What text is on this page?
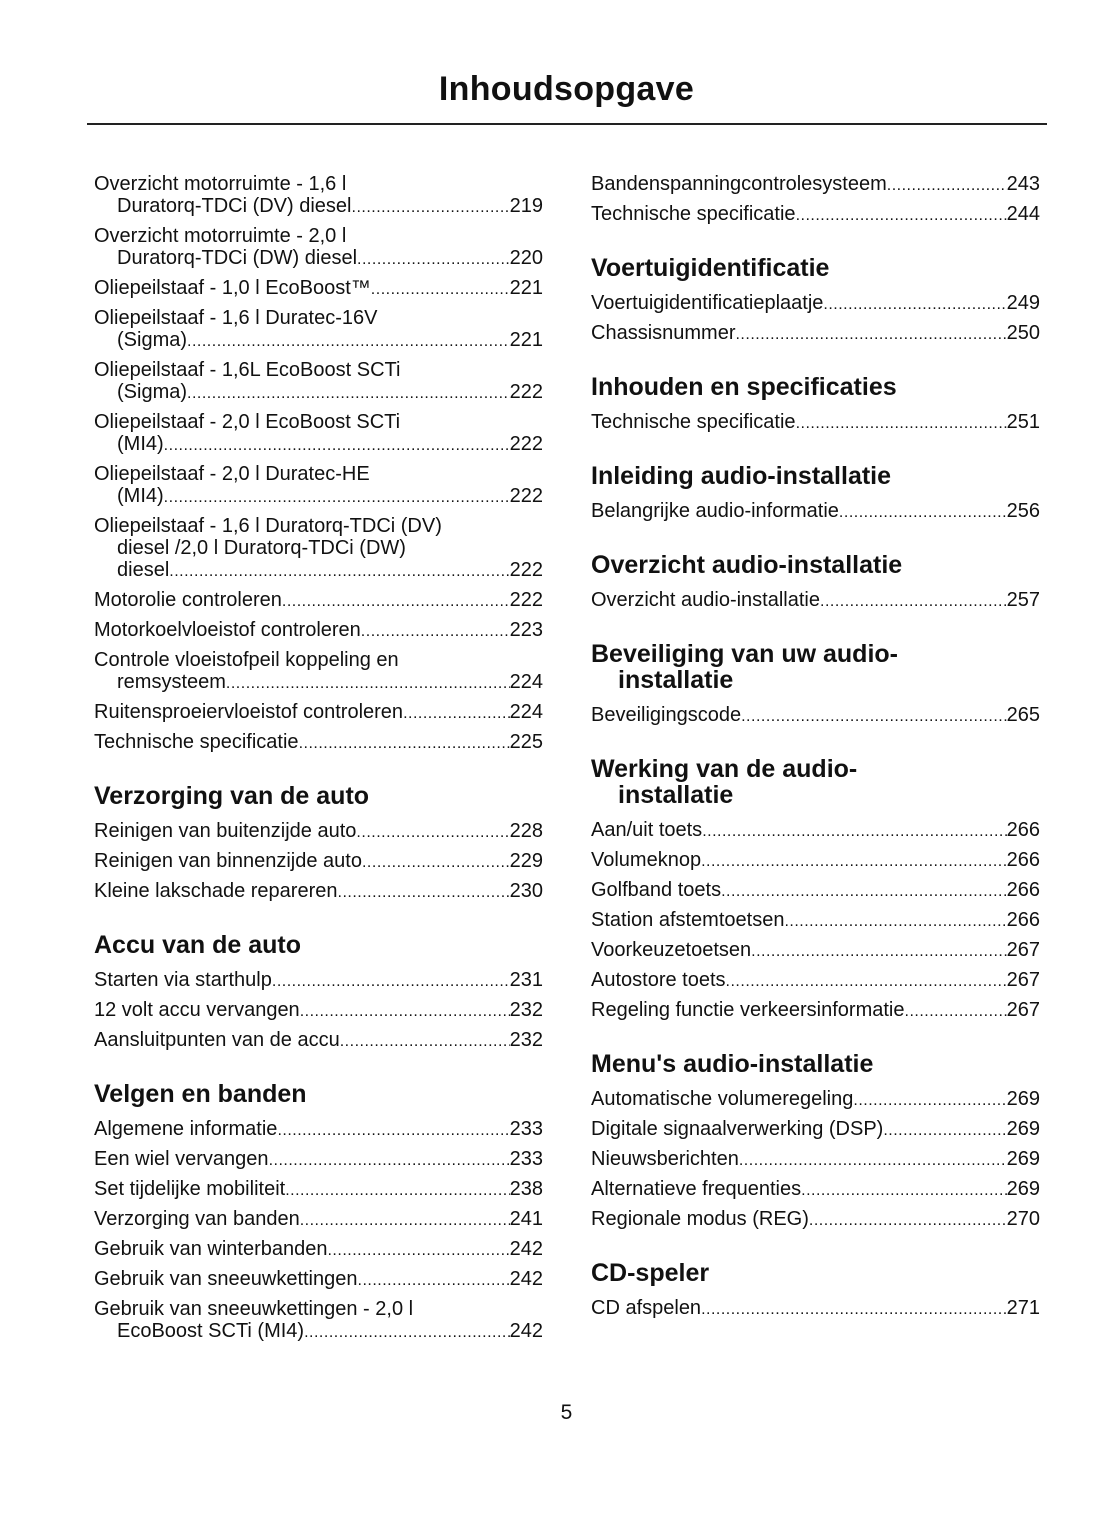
Inhoudsopgave
Overzicht motorruimte - 1,6 l
Duratorq-TDCi (DV) diesel .....	219
Overzicht motorruimte - 2,0 l
Duratorq-TDCi (DW) diesel .....	220
Oliepeilstaaf - 1,0 l EcoBoost™ .....	221
Oliepeilstaaf - 1,6 l Duratec-16V
(Sigma) .....	221
Oliepeilstaaf - 1,6L EcoBoost SCTi
(Sigma) .....	222
Oliepeilstaaf - 2,0 l EcoBoost SCTi
(MI4) .....	222
Oliepeilstaaf - 2,0 l Duratec-HE
(MI4) .....	222
Oliepeilstaaf - 1,6 l Duratorq-TDCi (DV)
diesel /2,0 l Duratorq-TDCi (DW)
diesel .....	222
Motorolie controleren .....	222
Motorkoelvloeistof controleren .....	223
Controle vloeistofpeil koppeling en
remsysteem .....	224
Ruitensproeiervloeistof controleren .....	224
Technische specificatie .....	225
Verzorging van de auto
Reinigen van buitenzijde auto .....	228
Reinigen van binnenzijde auto .....	229
Kleine lakschade repareren .....	230
Accu van de auto
Starten via starthulp .....	231
12 volt accu vervangen .....	232
Aansluitpunten van de accu .....	232
Velgen en banden
Algemene informatie .....	233
Een wiel vervangen .....	233
Set tijdelijke mobiliteit .....	238
Verzorging van banden .....	241
Gebruik van winterbanden .....	242
Gebruik van sneeuwkettingen .....	242
Gebruik van sneeuwkettingen - 2,0 l
EcoBoost SCTi (MI4) .....	242
Bandenspanningcontrolesysteem .....	243
Technische specificatie .....	244
Voertuigidentificatie
Voertuigidentificatieplaatje .....	249
Chassisnummer .....	250
Inhouden en specificaties
Technische specificatie .....	251
Inleiding audio-installatie
Belangrijke audio-informatie .....	256
Overzicht audio-installatie
Overzicht audio-installatie .....	257
Beveiliging van uw audio-
installatie
Beveiligingscode .....	265
Werking van de audio-
installatie
Aan/uit toets .....	266
Volumeknop .....	266
Golfband toets .....	266
Station afstemtoetsen .....	266
Voorkeuzetoetsen .....	267
Autostore toets .....	267
Regeling functie verkeersinformatie .....	267
Menu's audio-installatie
Automatische volumeregeling .....	269
Digitale signaalverwerking (DSP) .....	269
Nieuwsberichten .....	269
Alternatieve frequenties .....	269
Regionale modus (REG) .....	270
CD-speler
CD afspelen .....	271
5
